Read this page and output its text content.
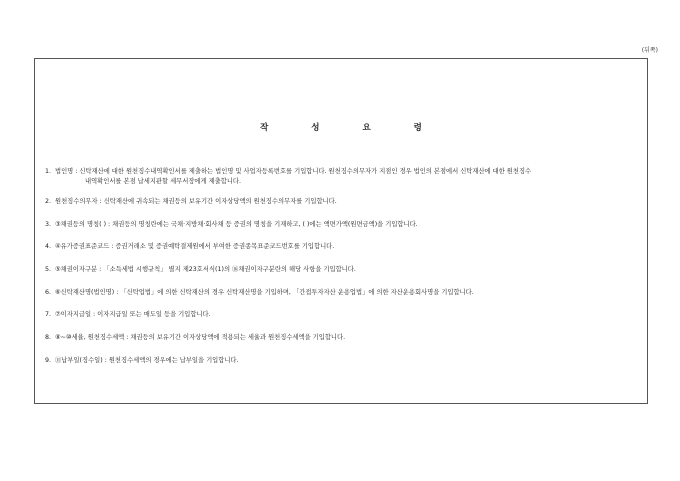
(뒤쪽)
작 성 요 령
1. 법인명 : 신탁재산에 대한 원천징수내역확인서를 제출하는 법인명 및 사업자등록번호를 기입합니다. 원천징수의무자가 지점인 경우 법인의 본점에서 신탁재산에 대한 원천징수
내역확인서를 본점 납세지관할 세무서장에게 제출합니다.
2. 원천징수의무자 : 신탁재산에 귀속되는 채권등의 보유기간 이자상당액의 원천징수의무자를 기입합니다.
3. ③채권등의 명칭( ) : 채권등의 명칭란에는 국채·지방채·회사채 등 증권의 명칭을 기재하고, ( )에는 액면가액(원면금액)을 기입합니다.
4. ④유가증권표준코드 : 증권거래소 및 증권예탁결제원에서 부여한 증권종목표준코드번호를 기입합니다.
5. ⑤채권이자구분 : 「소득세법 시행규칙」 별지 제23호서식(1)의 ⑯채권이자구분란의 해당 사항을 기입합니다.
6. ⑥신탁재산명(법인명) : 「신탁업법」에 의한 신탁재산의 경우 신탁재산명을 기입하며, 「간접투자자산 운용업법」에 의한 자산운용회사명을 기입합니다.
7. ⑦이자지급일 : 이자지급일 또는 매도일 등을 기입합니다.
8. ⑧~⑩세율, 원천징수세액 : 채권등의 보유기간 이자상당액에 적용되는 세율과 원천징수세액을 기입합니다.
9. ⑪납부일(징수일) : 원천징수세액의 경우에는 납부일을 기입합니다.
